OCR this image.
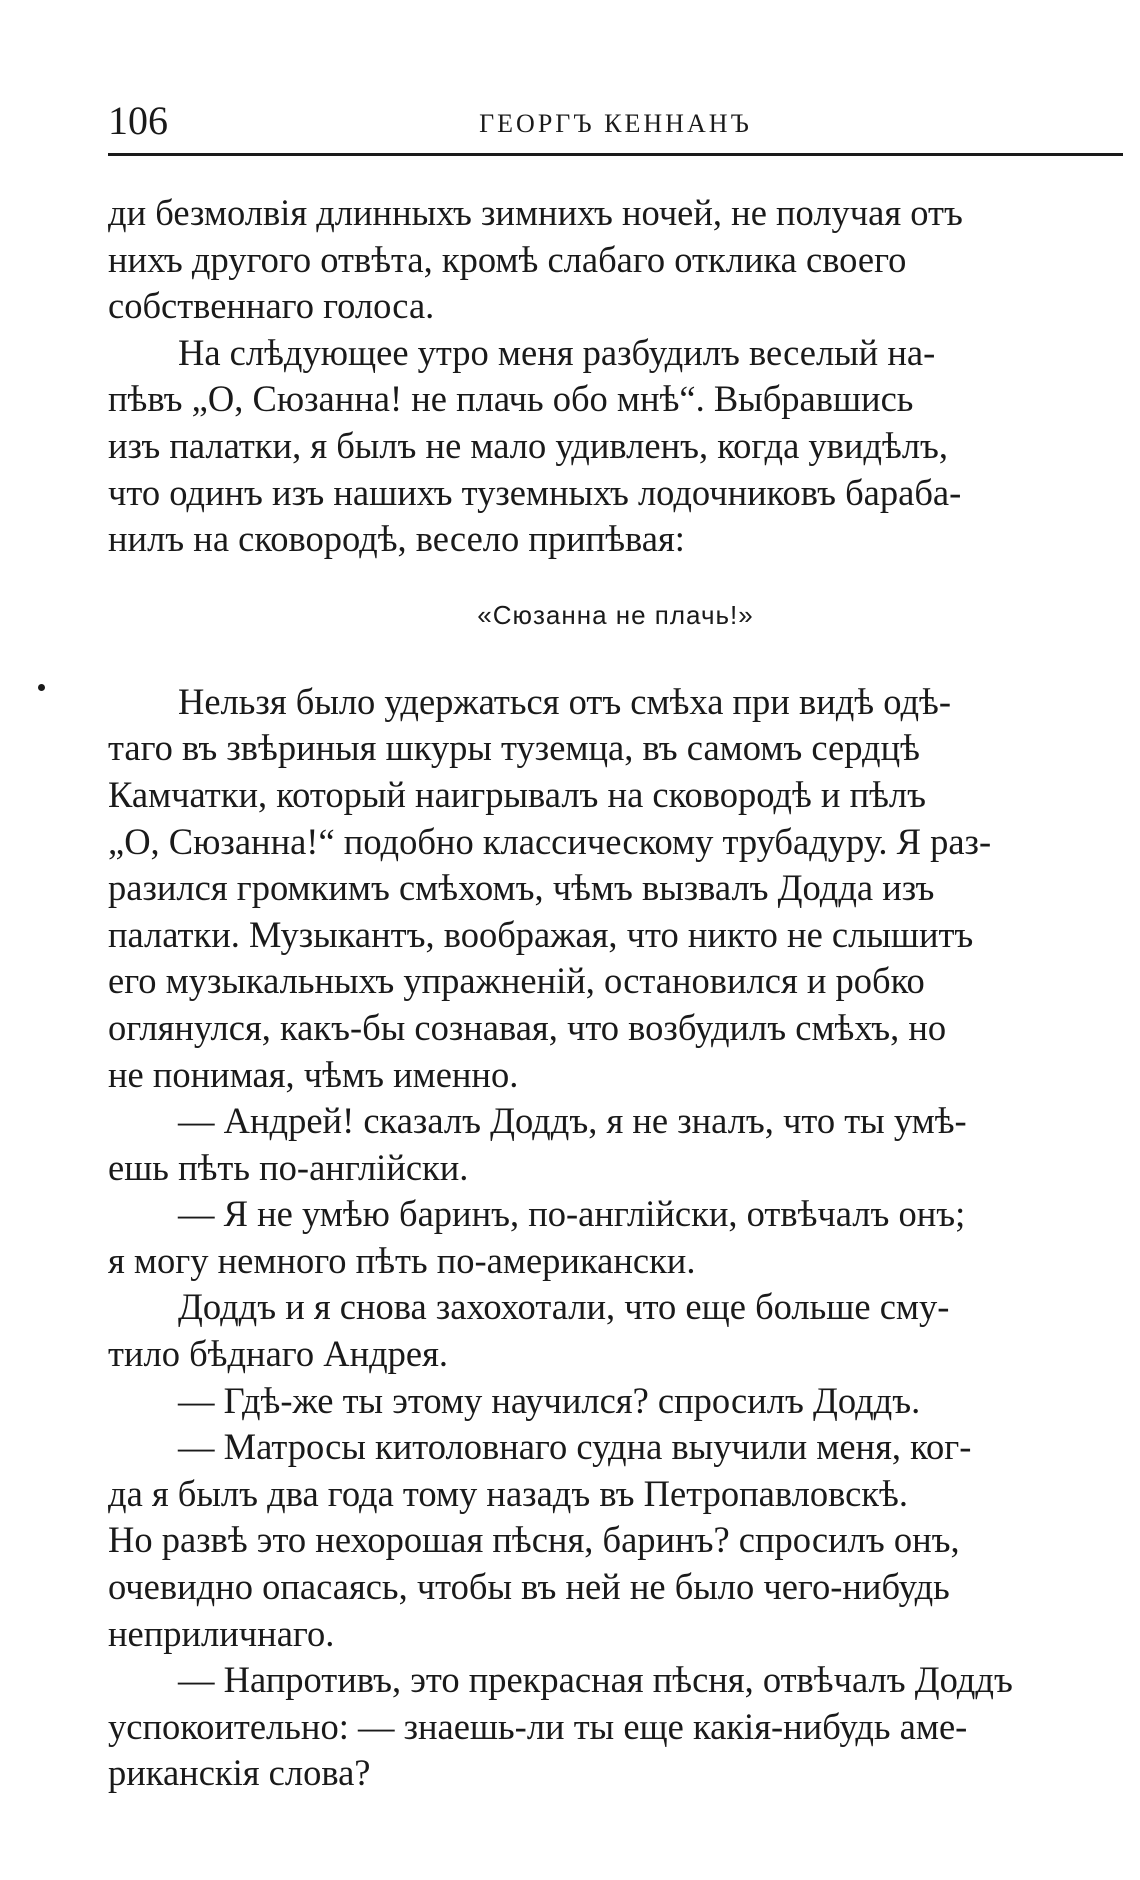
106	ГЕОРГЪ КЕННАНЪ

ди безмолвія длинныхъ зимнихъ ночей, не получая отъ
нихъ другого отвѣта, кромѣ слабаго отклика своего
собственнаго голоса.

На слѣдующее утро меня разбудилъ веселый на-
пѣвъ „О, Сюзанна! не плачь обо мнѣ“. Выбравшись
изъ палатки, я былъ не мало удивленъ, когда увидѣлъ,
что одинъ изъ нашихъ туземныхъ лодочниковъ бараба-
нилъ на сковородѣ, весело припѣвая:

«Сюзанна не плачь!»

Нельзя было удержаться отъ смѣха при видѣ одѣ-
таго въ звѣриныя шкуры туземца, въ самомъ сердцѣ
Камчатки, который наигрывалъ на сковородѣ и пѣлъ
„О, Сюзанна!“ подобно классическому трубадуру. Я раз-
разился громкимъ смѣхомъ, чѣмъ вызвалъ Додда изъ
палатки. Музыкантъ, воображая, что никто не слышитъ
его музыкальныхъ упражненій, остановился и робко
оглянулся, какъ-бы сознавая, что возбудилъ смѣхъ, но
не понимая, чѣмъ именно.

— Андрей! сказалъ Доддъ, я не зналъ, что ты умѣ-
ешь пѣть по-англійски.

— Я не умѣю баринъ, по-англійски, отвѣчалъ онъ;
я могу немного пѣть по-американски.

Доддъ и я снова захохотали, что еще больше сму-
тило бѣднаго Андрея.

— Гдѣ-же ты этому научился? спросилъ Доддъ.

— Матросы китоловнаго судна выучили меня, ког-
да я былъ два года тому назадъ въ Петропавловскѣ.
Но развѣ это нехорошая пѣсня, баринъ? спросилъ онъ,
очевидно опасаясь, чтобы въ ней не было чего-нибудь
неприличнаго.

— Напротивъ, это прекрасная пѣсня, отвѣчалъ Доддъ
успокоительно: — знаешь-ли ты еще какія-нибудь аме-
риканскія слова?
